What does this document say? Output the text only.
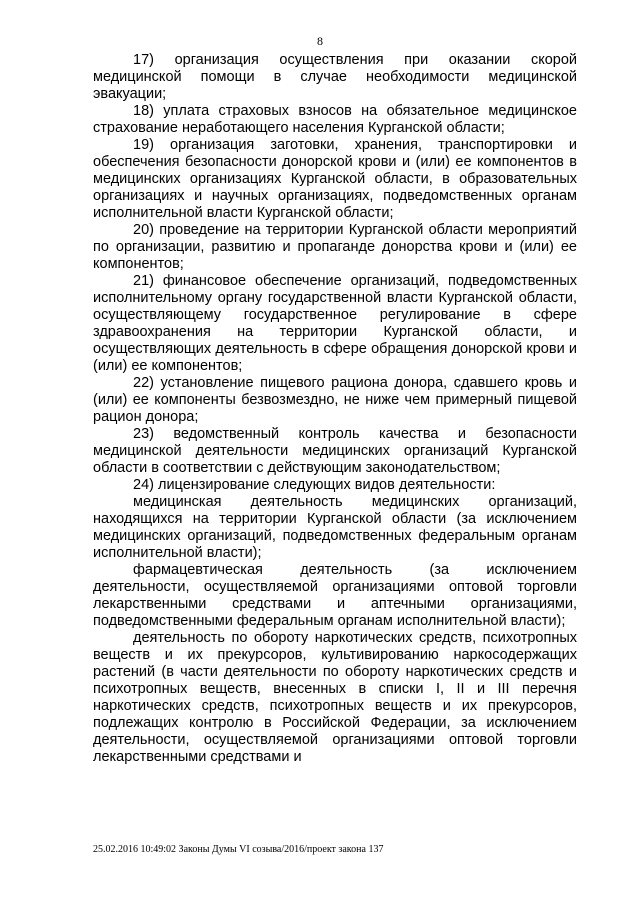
8

17) организация осуществления при оказании скорой медицинской помощи в случае необходимости медицинской эвакуации;

18) уплата страховых взносов на обязательное медицинское страхование неработающего населения Курганской области;

19) организация заготовки, хранения, транспортировки и обеспечения безопасности донорской крови и (или) ее компонентов в медицинских организациях Курганской области, в образовательных организациях и научных организациях, подведомственных органам исполнительной власти Курганской области;

20) проведение на территории Курганской области мероприятий по организации, развитию и пропаганде донорства крови и (или) ее компонентов;

21) финансовое обеспечение организаций, подведомственных исполнительному органу государственной власти Курганской области, осуществляющему государственное регулирование в сфере здравоохранения на территории Курганской области, и осуществляющих деятельность в сфере обращения донорской крови и (или) ее компонентов;

22) установление пищевого рациона донора, сдавшего кровь и (или) ее компоненты безвозмездно, не ниже чем примерный пищевой рацион донора;

23) ведомственный контроль качества и безопасности медицинской деятельности медицинских организаций Курганской области в соответствии с действующим законодательством;

24) лицензирование следующих видов деятельности:

медицинская деятельность медицинских организаций, находящихся на территории Курганской области (за исключением медицинских организаций, подведомственных федеральным органам исполнительной власти);

фармацевтическая деятельность (за исключением деятельности, осуществляемой организациями оптовой торговли лекарственными средствами и аптечными организациями, подведомственными федеральным органам исполнительной власти);

деятельность по обороту наркотических средств, психотропных веществ и их прекурсоров, культивированию наркосодержащих растений (в части деятельности по обороту наркотических средств и психотропных веществ, внесенных в списки I, II и III перечня наркотических средств, психотропных веществ и их прекурсоров, подлежащих контролю в Российской Федерации, за исключением деятельности, осуществляемой организациями оптовой торговли лекарственными средствами и

25.02.2016 10:49:02 Законы Думы VI созыва/2016/проект закона 137
